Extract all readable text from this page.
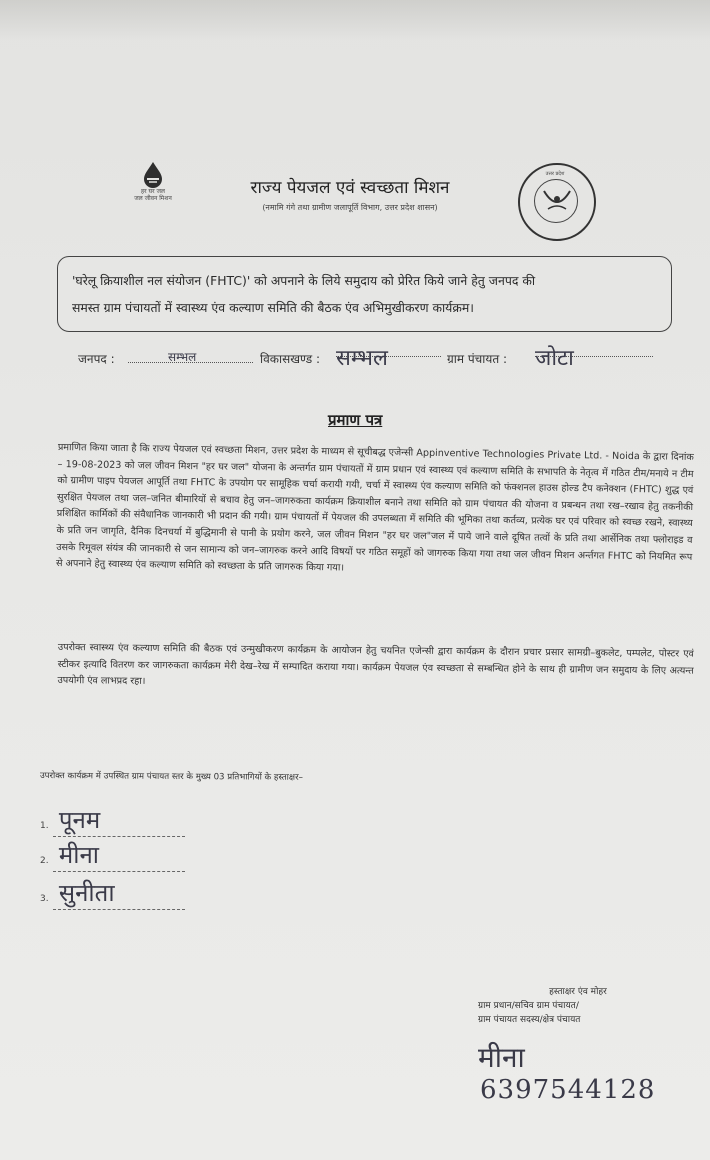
हर घर जल
जल जीवन मिशन
राज्य पेयजल एवं स्वच्छता मिशन
(नमामि गंगे तथा ग्रामीण जलापूर्ति विभाग, उत्तर प्रदेश शासन)
उत्तर प्रदेश
'घरेलू क्रियाशील नल संयोजन (FHTC)' को अपनाने के लिये समुदाय को प्रेरित किये जाने हेतु जनपद की
समस्त ग्राम पंचायतों में स्वास्थ्य एंव कल्याण समिति की बैठक एंव अभिमुखीकरण कार्यक्रम।
जनपद :	सम्भल	विकासखण्ड : सम्भल	ग्राम पंचायत : जोटा
प्रमाण पत्र

प्रमाणित किया जाता है कि राज्य पेयजल एवं स्वच्छता मिशन, उत्तर प्रदेश के माध्यम से सूचीबद्ध एजेन्सी Appinventive Technologies Private Ltd. - Noida के द्वारा दिनांक – 19-08-2023 को जल जीवन मिशन "हर घर जल" योजना के अन्तर्गत ग्राम पंचायतों में ग्राम प्रधान एवं स्वास्थ्य एवं कल्याण समिति के सभापति के नेतृत्व में गठित टीम/मनाये न टीम को ग्रामीण पाइप पेयजल आपूर्ति तथा FHTC के उपयोग पर सामूहिक चर्चा करायी गयी, चर्चा में स्वास्थ्य एंव कल्याण समिति को फंक्शनल हाउस होल्ड टैप कनेक्शन (FHTC) शुद्ध एवं सुरक्षित पेयजल तथा जल–जनित बीमारियों से बचाव हेतु जन–जागरुकता कार्यक्रम क्रियाशील बनाने तथा समिति को ग्राम पंचायत की योजना व प्रबन्धन तथा रख–रखाव हेतु तकनीकी प्रशिक्षित कार्मिकों की संवैधानिक जानकारी भी प्रदान की गयी। ग्राम पंचायतों में पेयजल की उपलब्धता में समिति की भूमिका तथा कर्तव्य, प्रत्येक घर एवं परिवार को स्वच्छ रखने, स्वास्थ्य के प्रति जन जागृति, दैनिक दिनचर्या में बुद्धिमानी से पानी के प्रयोग करने, जल जीवन मिशन "हर घर जल"जल में पाये जाने वाले दूषित तत्वों के प्रति तथा आर्सेनिक तथा फ्लोराइड व उसके रिमूवल संयंत्र की जानकारी से जन सामान्य को जन–जागरुक करने आदि विषयों पर गठित समूहों को जागरुक किया गया तथा जल जीवन मिशन अर्न्तगत FHTC को नियमित रूप से अपनाने हेतु स्वास्थ्य एंव कल्याण समिति को स्वच्छता के प्रति जागरुक किया गया।

उपरोक्त स्वास्थ्य एंव कल्याण समिति की बैठक एवं उन्मुखीकरण कार्यक्रम के आयोजन हेतु चयनित एजेन्सी द्वारा कार्यक्रम के दौरान प्रचार प्रसार सामग्री–बुकलेट, पम्पलेट, पोस्टर एवं स्टीकर इत्यादि वितरण कर जागरुकता कार्यक्रम मेरी देख–रेख में सम्पादित कराया गया। कार्यक्रम पेयजल एंव स्वच्छता से सम्बन्धित होने के साथ ही ग्रामीण जन समुदाय के लिए अत्यन्त उपयोगी एंव लाभप्रद रहा।

उपरोक्त कार्यक्रम में उपस्थित ग्राम पंचायत स्तर के मुख्य 03 प्रतिभागियों के हस्ताक्षर–

1. पूनम
2. मीना
3. सुनीता
हस्ताक्षर एंव मोहर
ग्राम प्रधान/सचिव ग्राम पंचायत/
ग्राम पंचायत सदस्य/क्षेत्र पंचायत
मीना
6397544128
